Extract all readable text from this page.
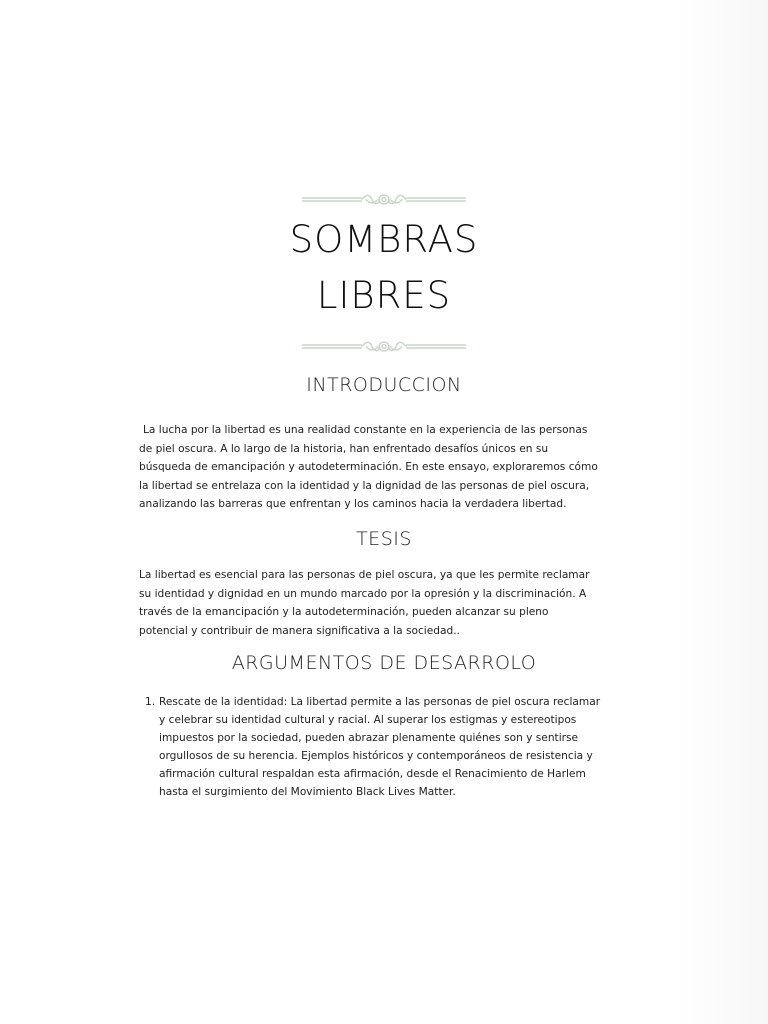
SOMBRAS
LIBRES
INTRODUCCION

La lucha por la libertad es una realidad constante en la experiencia de las personas de piel oscura. A lo largo de la historia, han enfrentado desafíos únicos en su búsqueda de emancipación y autodeterminación. En este ensayo, exploraremos cómo la libertad se entrelaza con la identidad y la dignidad de las personas de piel oscura, analizando las barreras que enfrentan y los caminos hacia la verdadera libertad.

TESIS

La libertad es esencial para las personas de piel oscura, ya que les permite reclamar su identidad y dignidad en un mundo marcado por la opresión y la discriminación. A través de la emancipación y la autodeterminación, pueden alcanzar su pleno potencial y contribuir de manera significativa a la sociedad..

ARGUMENTOS DE DESARROLO
1. Rescate de la identidad: La libertad permite a las personas de piel oscura reclamar y celebrar su identidad cultural y racial. Al superar los estigmas y estereotipos impuestos por la sociedad, pueden abrazar plenamente quiénes son y sentirse orgullosos de su herencia. Ejemplos históricos y contemporáneos de resistencia y afirmación cultural respaldan esta afirmación, desde el Renacimiento de Harlem hasta el surgimiento del Movimiento Black Lives Matter.
